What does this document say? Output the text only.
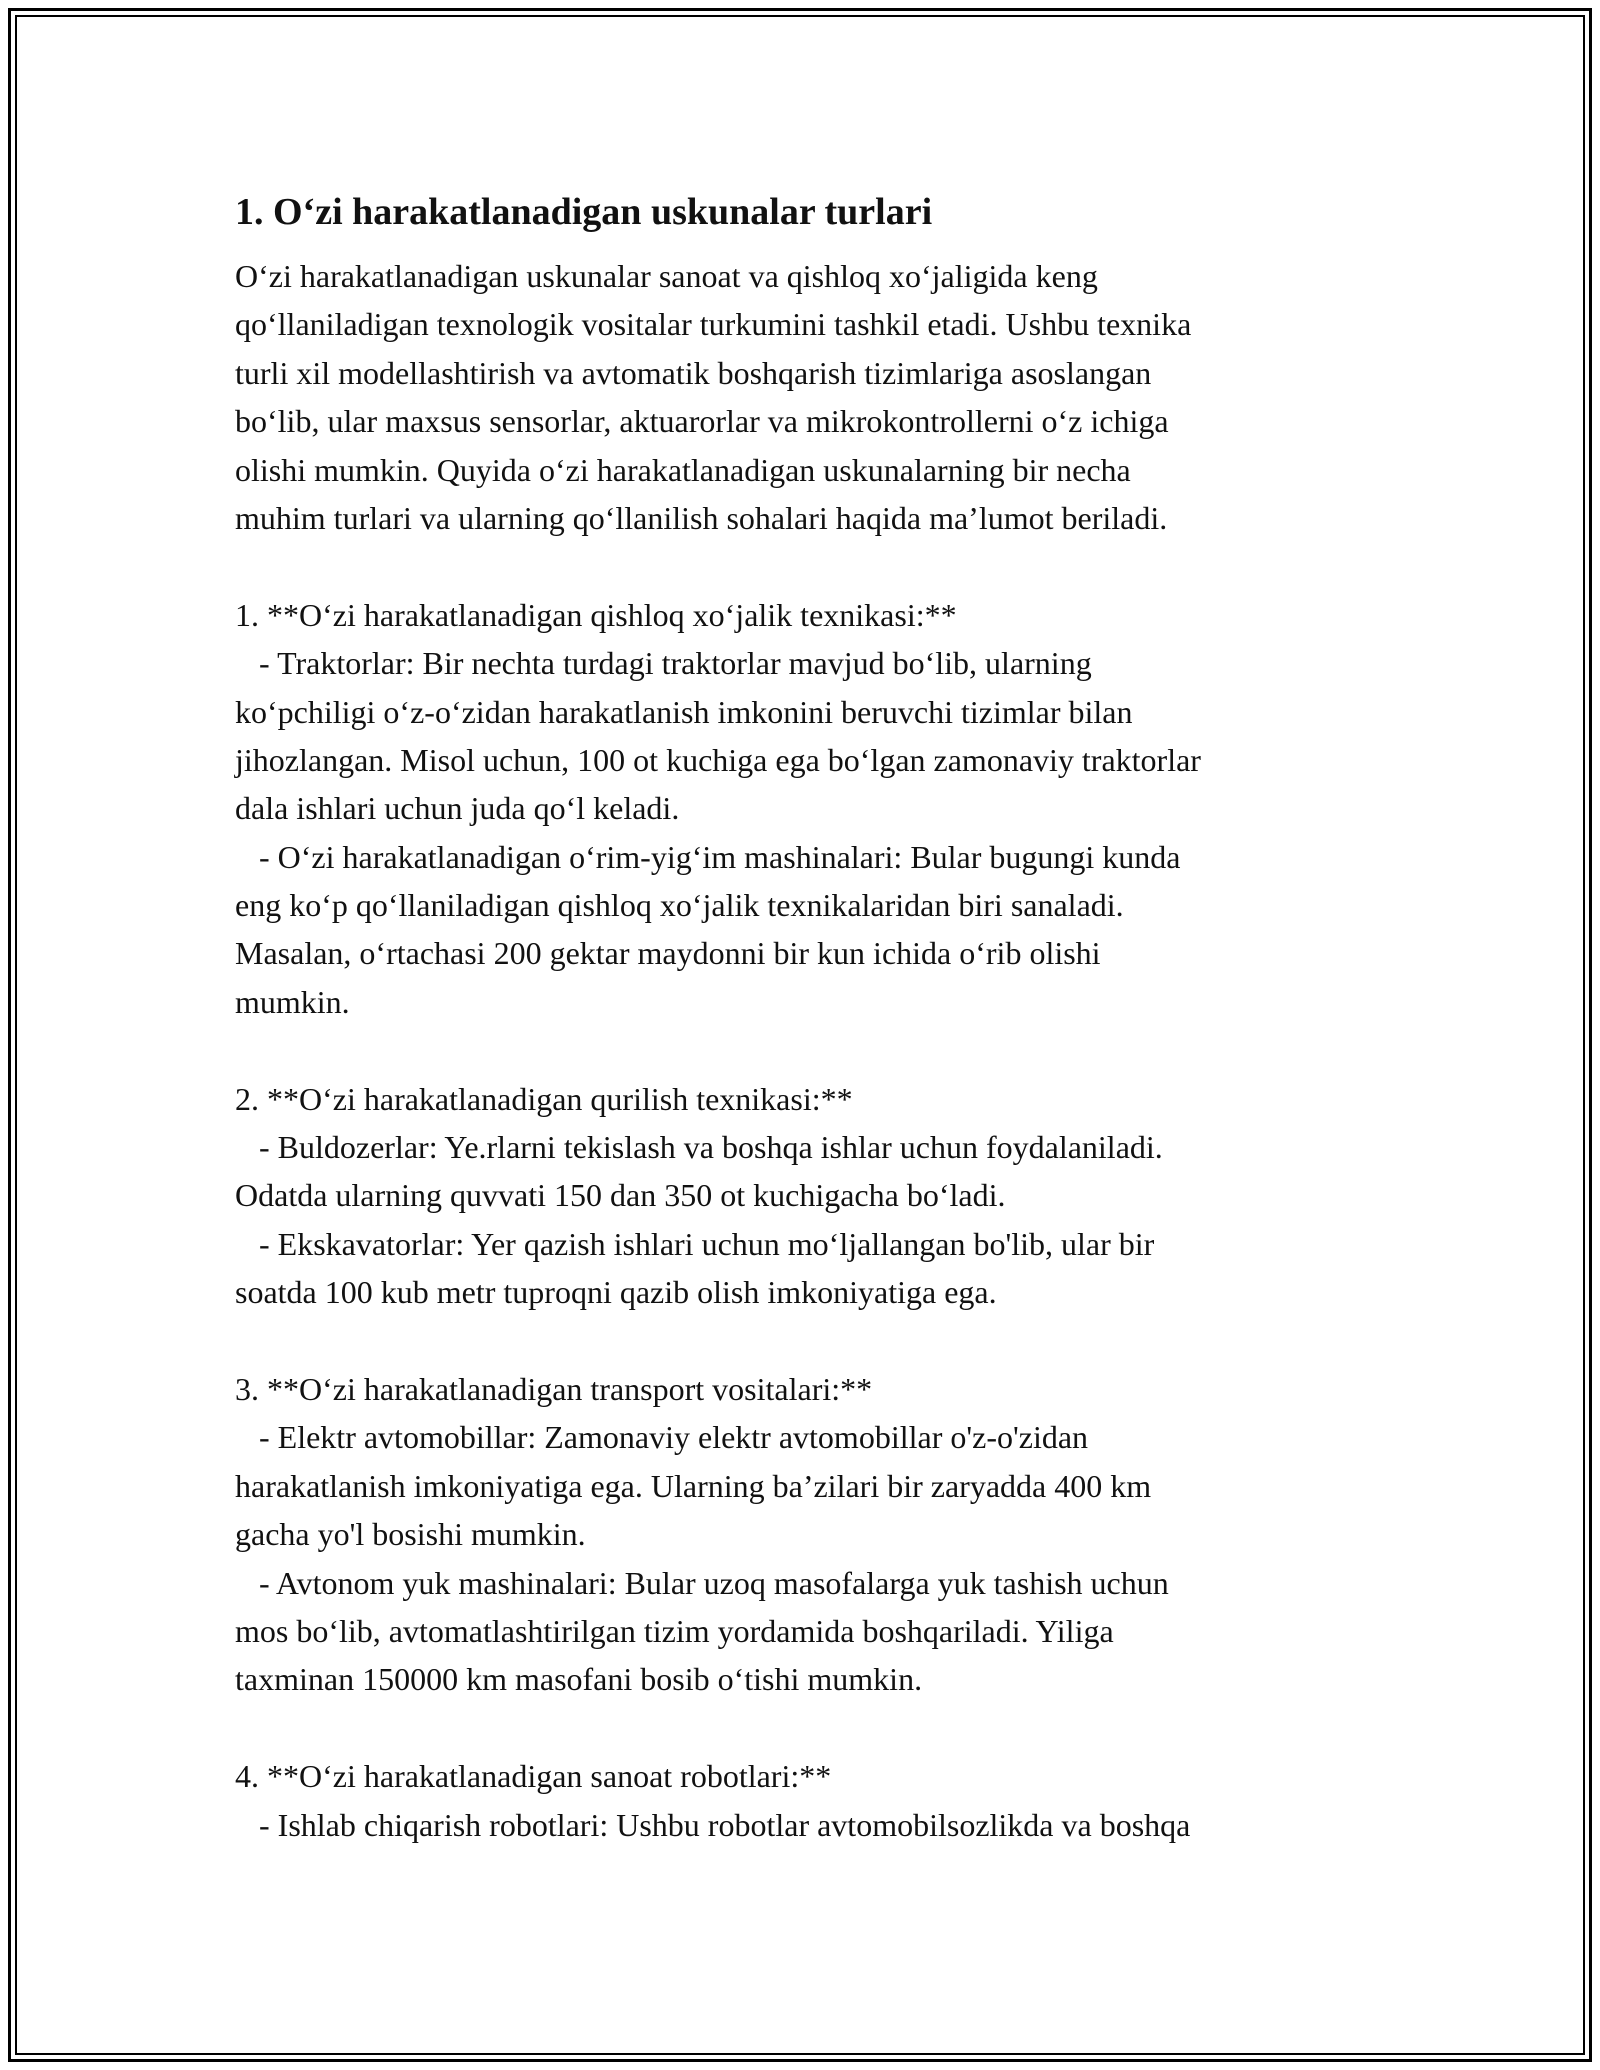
1. O‘zi harakatlanadigan uskunalar turlari
O‘zi harakatlanadigan uskunalar sanoat va qishloq xo‘jaligida keng
qo‘llaniladigan texnologik vositalar turkumini tashkil etadi. Ushbu texnika
turli xil modellashtirish va avtomatik boshqarish tizimlariga asoslangan
bo‘lib, ular maxsus sensorlar, aktuarorlar va mikrokontrollerni o‘z ichiga
olishi mumkin. Quyida o‘zi harakatlanadigan uskunalarning bir necha
muhim turlari va ularning qo‘llanilish sohalari haqida ma’lumot beriladi.
1. **O‘zi harakatlanadigan qishloq xo‘jalik texnikasi:**
- Traktorlar: Bir nechta turdagi traktorlar mavjud bo‘lib, ularning
ko‘pchiligi o‘z-o‘zidan harakatlanish imkonini beruvchi tizimlar bilan
jihozlangan. Misol uchun, 100 ot kuchiga ega bo‘lgan zamonaviy traktorlar
dala ishlari uchun juda qo‘l keladi.
- O‘zi harakatlanadigan o‘rim-yig‘im mashinalari: Bular bugungi kunda
eng ko‘p qo‘llaniladigan qishloq xo‘jalik texnikalaridan biri sanaladi.
Masalan, o‘rtachasi 200 gektar maydonni bir kun ichida o‘rib olishi
mumkin.
2. **O‘zi harakatlanadigan qurilish texnikasi:**
- Buldozerlar: Ye.rlarni tekislash va boshqa ishlar uchun foydalaniladi.
Odatda ularning quvvati 150 dan 350 ot kuchigacha bo‘ladi.
- Ekskavatorlar: Yer qazish ishlari uchun mo‘ljallangan bo'lib, ular bir
soatda 100 kub metr tuproqni qazib olish imkoniyatiga ega.
3. **O‘zi harakatlanadigan transport vositalari:**
- Elektr avtomobillar: Zamonaviy elektr avtomobillar o'z-o'zidan
harakatlanish imkoniyatiga ega. Ularning ba’zilari bir zaryadda 400 km
gacha yo'l bosishi mumkin.
- Avtonom yuk mashinalari: Bular uzoq masofalarga yuk tashish uchun
mos bo‘lib, avtomatlashtirilgan tizim yordamida boshqariladi. Yiliga
taxminan 150000 km masofani bosib o‘tishi mumkin.
4. **O‘zi harakatlanadigan sanoat robotlari:**
- Ishlab chiqarish robotlari: Ushbu robotlar avtomobilsozlikda va boshqa
